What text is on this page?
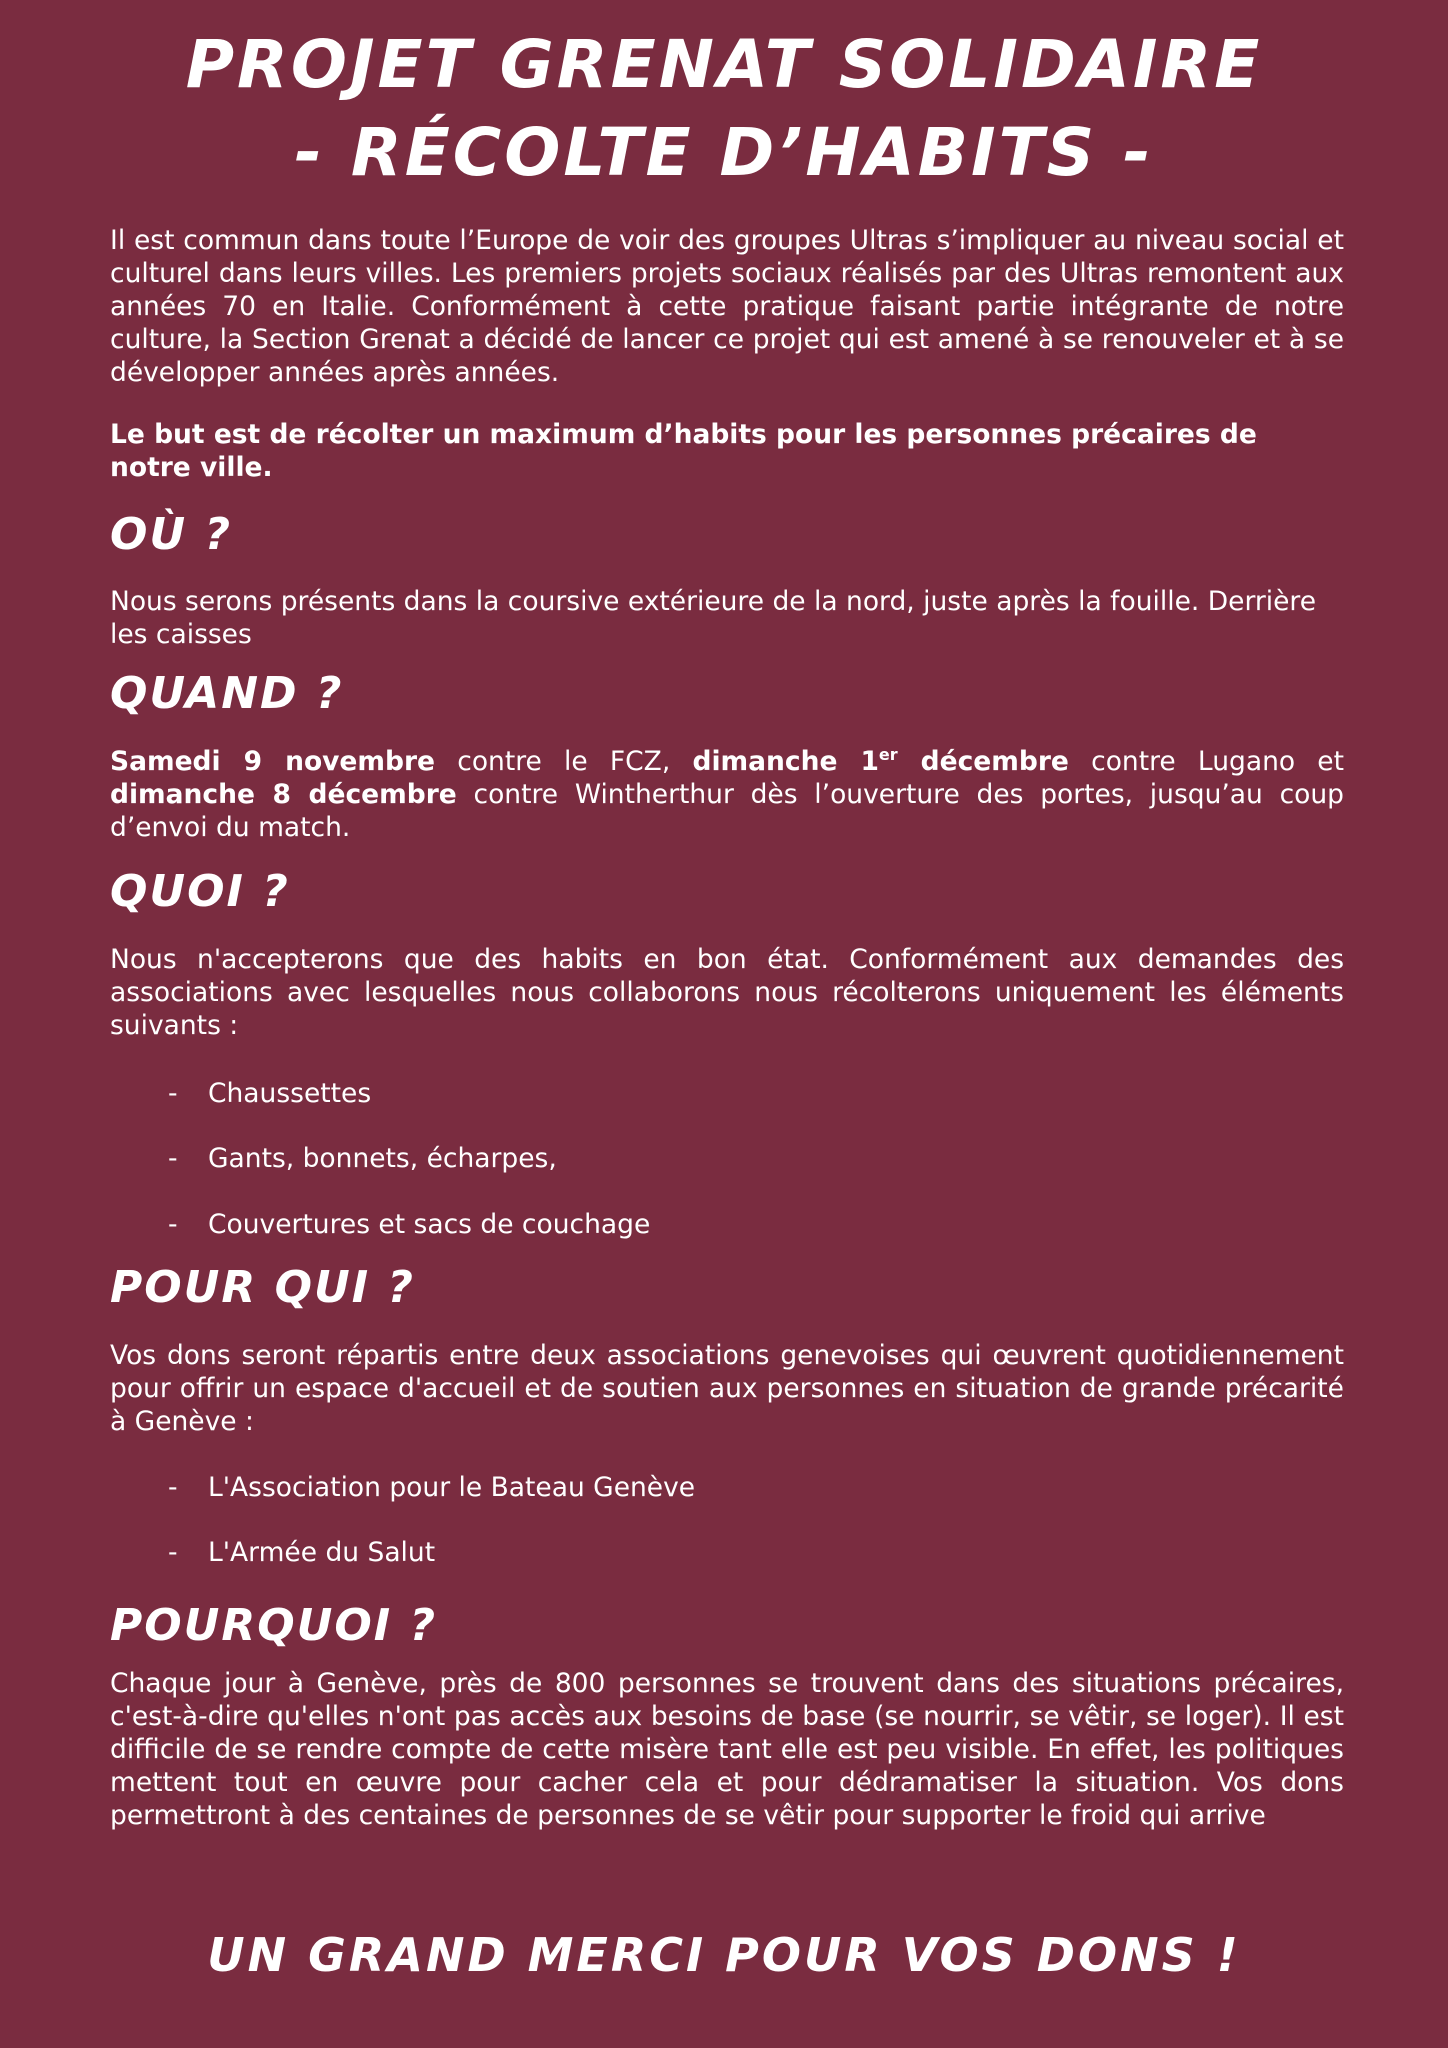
PROJET GRENAT SOLIDAIRE
- RÉCOLTE D’HABITS -

Il est commun dans toute l’Europe de voir des groupes Ultras s’impliquer au niveau social et culturel dans leurs villes. Les premiers projets sociaux réalisés par des Ultras remontent aux années 70 en Italie. Conformément à cette pratique faisant partie intégrante de notre culture, la Section Grenat a décidé de lancer ce projet qui est amené à se renouveler et à se développer années après années.

Le but est de récolter un maximum d’habits pour les personnes précaires de notre ville.

OÙ ?

Nous serons présents dans la coursive extérieure de la nord, juste après la fouille. Derrière les caisses

QUAND ?

Samedi 9 novembre contre le FCZ, dimanche 1er décembre contre Lugano et dimanche 8 décembre contre Wintherthur dès l’ouverture des portes, jusqu’au coup d’envoi du match.

QUOI ?

Nous n'accepterons que des habits en bon état. Conformément aux demandes des associations avec lesquelles nous collaborons nous récolterons uniquement les éléments suivants :

- Chaussettes

- Gants, bonnets, écharpes,

- Couvertures et sacs de couchage

POUR QUI ?

Vos dons seront répartis entre deux associations genevoises qui œuvrent quotidiennement pour offrir un espace d'accueil et de soutien aux personnes en situation de grande précarité à Genève :

- L'Association pour le Bateau Genève

- L'Armée du Salut

POURQUOI ?

Chaque jour à Genève, près de 800 personnes se trouvent dans des situations précaires, c'est-à-dire qu'elles n'ont pas accès aux besoins de base (se nourrir, se vêtir, se loger). Il est difficile de se rendre compte de cette misère tant elle est peu visible. En effet, les politiques mettent tout en œuvre pour cacher cela et pour dédramatiser la situation. Vos dons permettront à des centaines de personnes de se vêtir pour supporter le froid qui arrive

UN GRAND MERCI POUR VOS DONS !
